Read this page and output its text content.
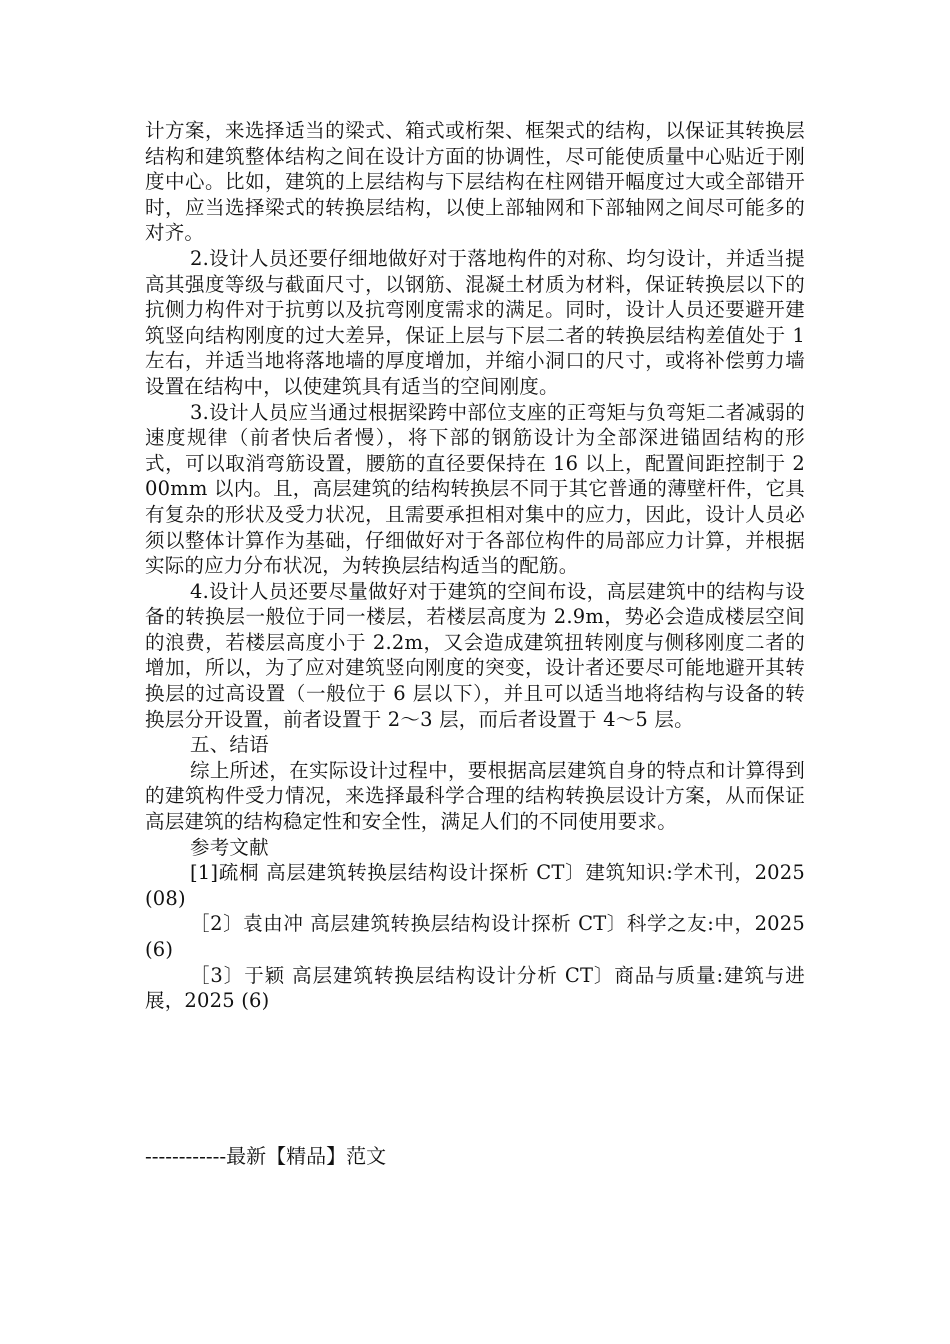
计方案，来选择适当的梁式、箱式或桁架、框架式的结构，以保证其转换层结构和建筑整体结构之间在设计方面的协调性，尽可能使质量中心贴近于刚度中心。比如，建筑的上层结构与下层结构在柱网错开幅度过大或全部错开时，应当选择梁式的转换层结构，以使上部轴网和下部轴网之间尽可能多的对齐。

2.设计人员还要仔细地做好对于落地构件的对称、均匀设计，并适当提高其强度等级与截面尺寸，以钢筋、混凝土材质为材料，保证转换层以下的抗侧力构件对于抗剪以及抗弯刚度需求的满足。同时，设计人员还要避开建筑竖向结构刚度的过大差异，保证上层与下层二者的转换层结构差值处于 1 左右，并适当地将落地墙的厚度增加，并缩小洞口的尺寸，或将补偿剪力墙设置在结构中，以使建筑具有适当的空间刚度。

3.设计人员应当通过根据梁跨中部位支座的正弯矩与负弯矩二者减弱的速度规律（前者快后者慢），将下部的钢筋设计为全部深进锚固结构的形式，可以取消弯筋设置，腰筋的直径要保持在 16 以上，配置间距控制于 200mm 以内。且，高层建筑的结构转换层不同于其它普通的薄壁杆件，它具有复杂的形状及受力状况，且需要承担相对集中的应力，因此，设计人员必须以整体计算作为基础，仔细做好对于各部位构件的局部应力计算，并根据实际的应力分布状况，为转换层结构适当的配筋。

4.设计人员还要尽量做好对于建筑的空间布设，高层建筑中的结构与设备的转换层一般位于同一楼层，若楼层高度为 2.9m，势必会造成楼层空间的浪费，若楼层高度小于 2.2m，又会造成建筑扭转刚度与侧移刚度二者的增加，所以，为了应对建筑竖向刚度的突变，设计者还要尽可能地避开其转换层的过高设置（一般位于 6 层以下），并且可以适当地将结构与设备的转换层分开设置，前者设置于 2～3 层，而后者设置于 4～5 层。

五、结语

综上所述，在实际设计过程中，要根据高层建筑自身的特点和计算得到的建筑构件受力情况，来选择最科学合理的结构转换层设计方案，从而保证高层建筑的结构稳定性和安全性，满足人们的不同使用要求。

参考文献

[1]疏桐 高层建筑转换层结构设计探析 CT〕建筑知识:学术刊，2025 (08)

［2〕袁由冲 高层建筑转换层结构设计探析 CT〕科学之友:中，2025 (6)

［3〕于颖 高层建筑转换层结构设计分析 CT〕商品与质量:建筑与进展，2025 (6)

------------最新【精品】范文
